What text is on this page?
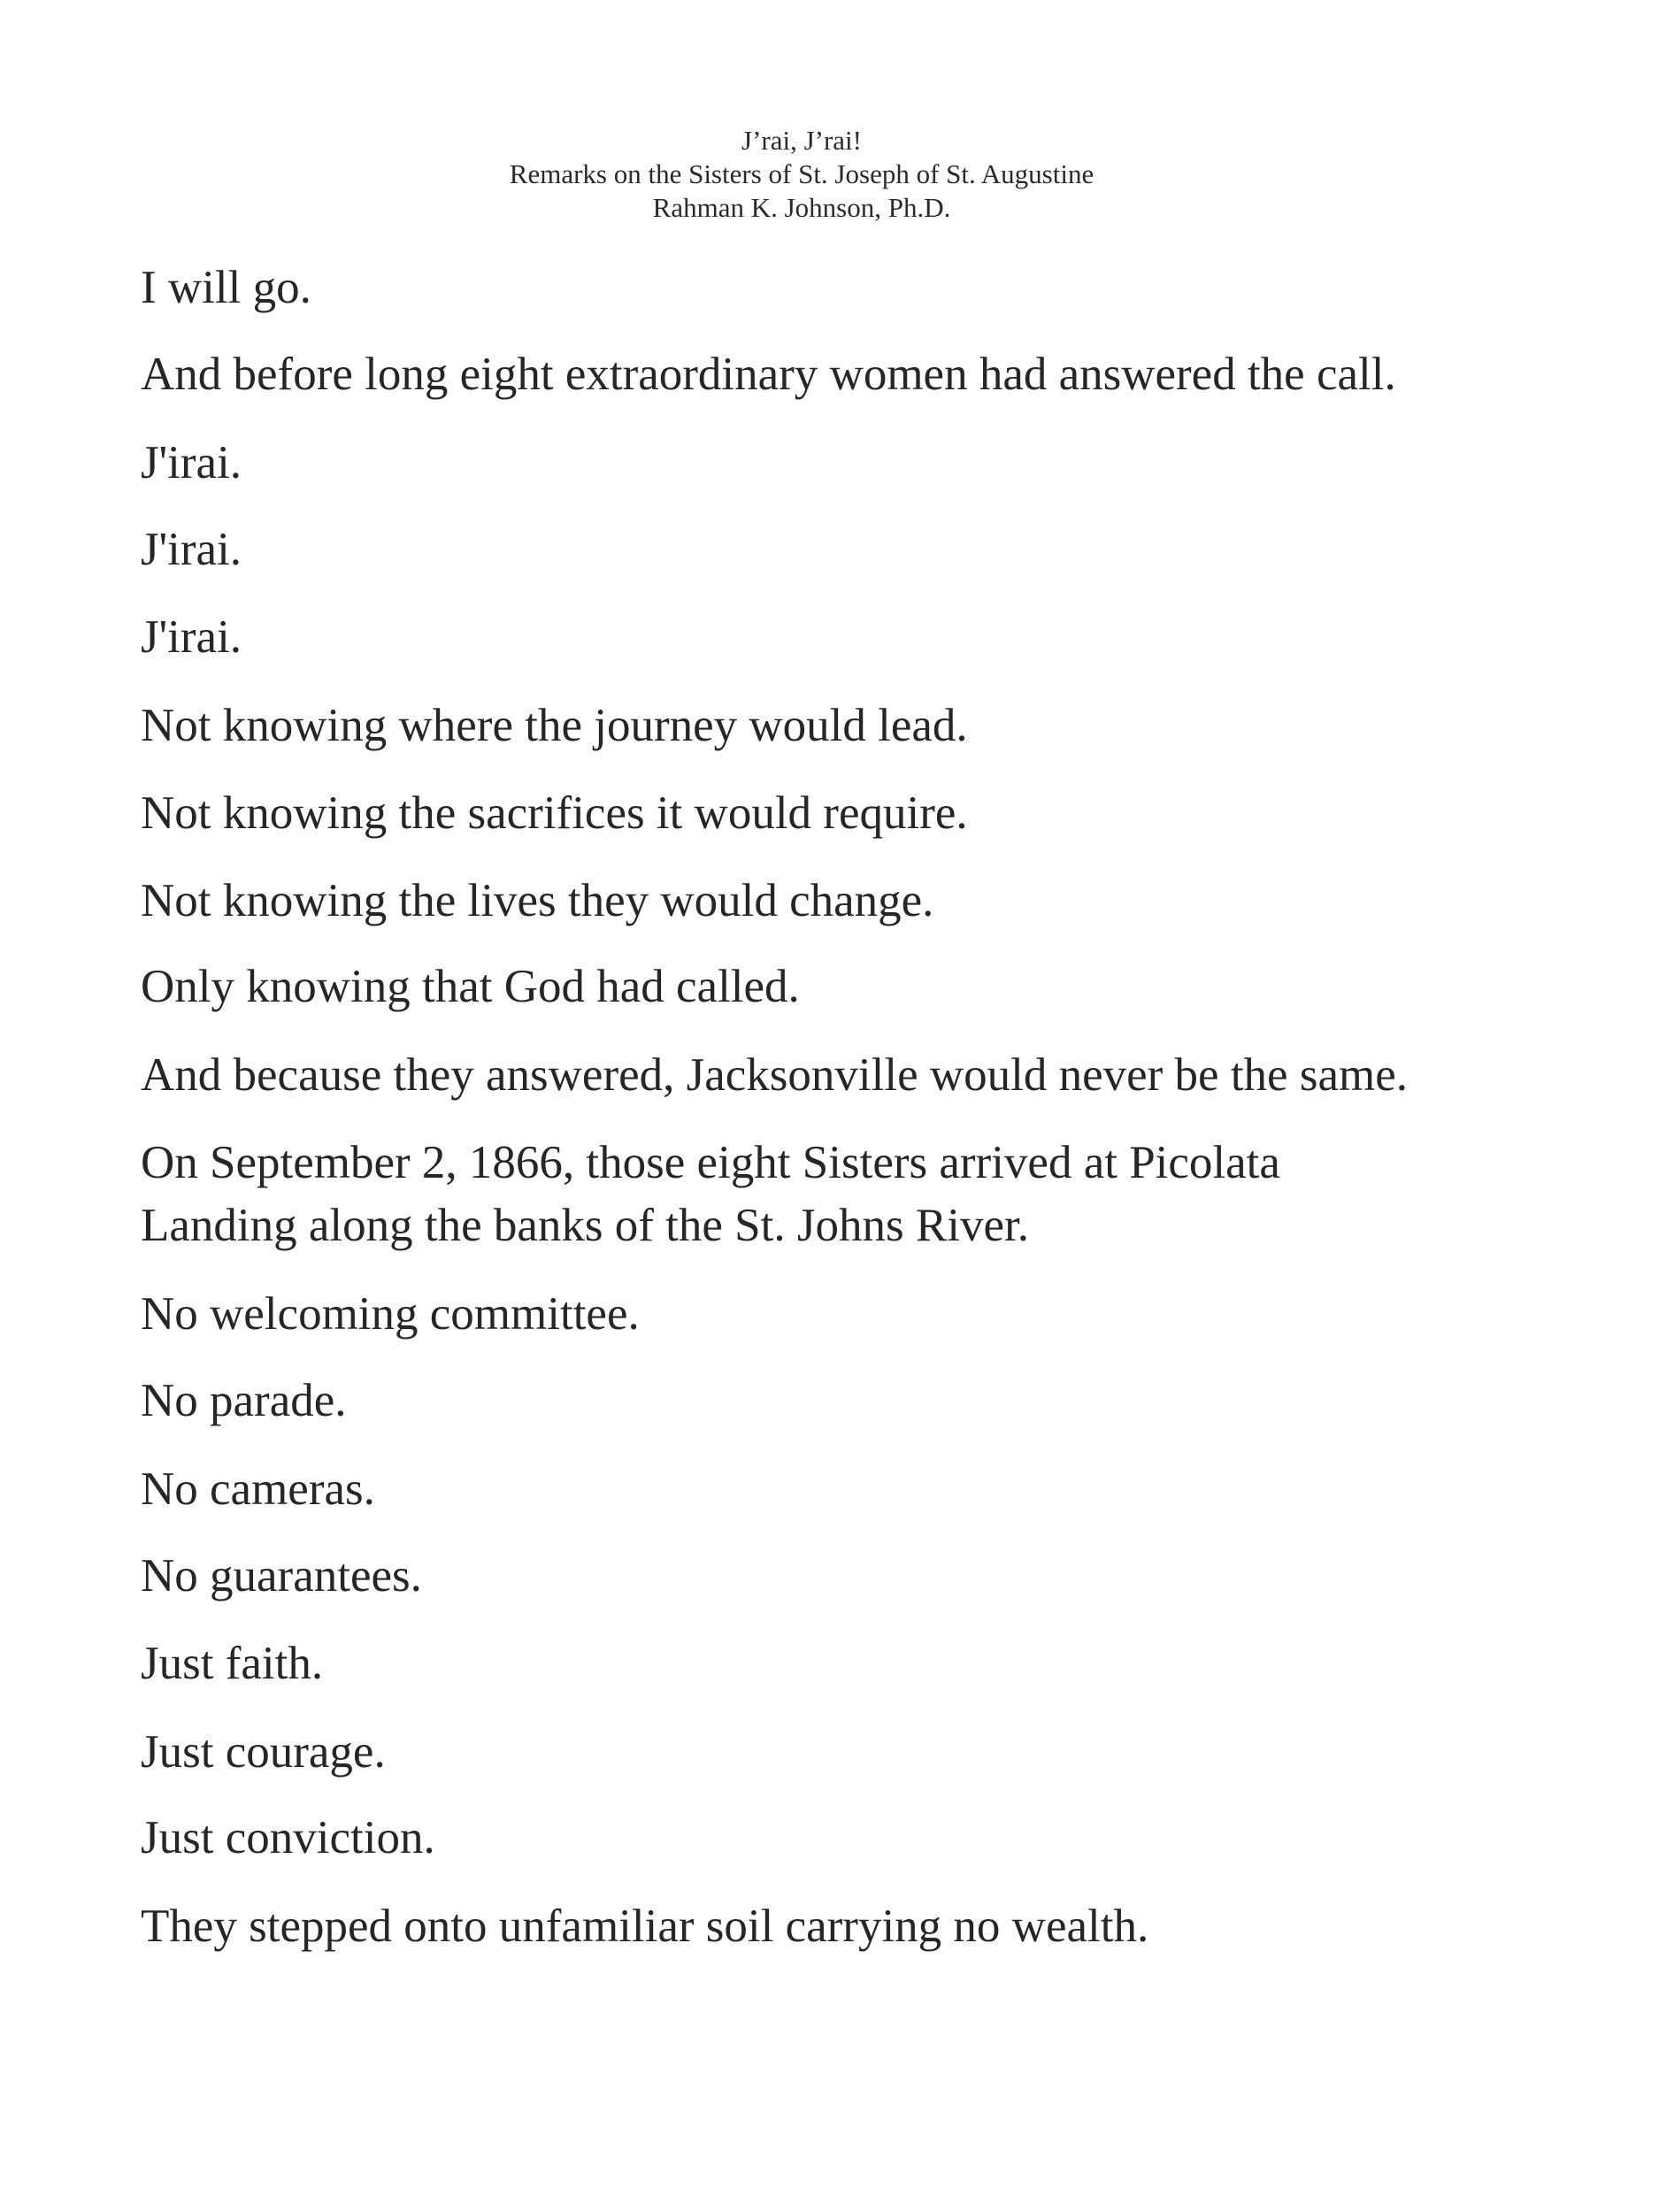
J’rai, J’rai!
Remarks on the Sisters of St. Joseph of St. Augustine
Rahman K. Johnson, Ph.D.
I will go.
And before long eight extraordinary women had answered the call.
J'irai.
J'irai.
J'irai.
Not knowing where the journey would lead.
Not knowing the sacrifices it would require.
Not knowing the lives they would change.
Only knowing that God had called.
And because they answered, Jacksonville would never be the same.
On September 2, 1866, those eight Sisters arrived at Picolata
Landing along the banks of the St. Johns River.
No welcoming committee.
No parade.
No cameras.
No guarantees.
Just faith.
Just courage.
Just conviction.
They stepped onto unfamiliar soil carrying no wealth.
